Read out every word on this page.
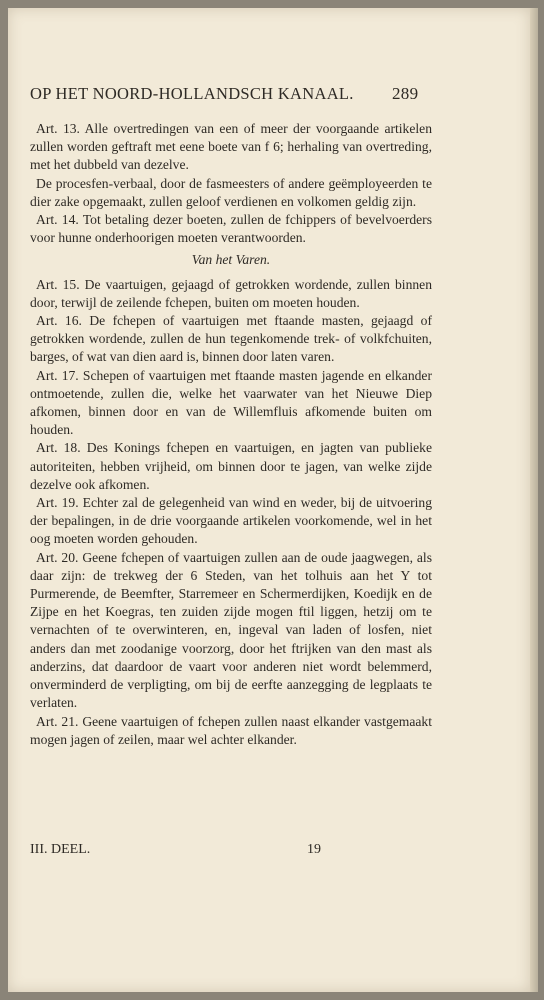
OP HET NOORD-HOLLANDSCH KANAAL. 289

Art. 13. Alle overtredingen van een of meer der voorgaande artikelen zullen worden geftraft met eene boete van f 6; herhaling van overtreding, met het dubbeld van dezelve.

De procesfen-verbaal, door de fasmeesters of andere geëmployeerden te dier zake opgemaakt, zullen geloof verdienen en volkomen geldig zijn.

Art. 14. Tot betaling dezer boeten, zullen de fchippers of bevelvoerders voor hunne onderhoorigen moeten verantwoorden.

Van het Varen.

Art. 15. De vaartuigen, gejaagd of getrokken wordende, zullen binnen door, terwijl de zeilende fchepen, buiten om moeten houden.

Art. 16. De fchepen of vaartuigen met ftaande masten, gejaagd of getrokken wordende, zullen de hun tegenkomende trek- of volkfchuiten, barges, of wat van dien aard is, binnen door laten varen.

Art. 17. Schepen of vaartuigen met ftaande masten jagende en elkander ontmoetende, zullen die, welke het vaarwater van het Nieuwe Diep afkomen, binnen door en van de Willemfluis afkomende buiten om houden.

Art. 18. Des Konings fchepen en vaartuigen, en jagten van publieke autoriteiten, hebben vrijheid, om binnen door te jagen, van welke zijde dezelve ook afkomen.

Art. 19. Echter zal de gelegenheid van wind en weder, bij de uitvoering der bepalingen, in de drie voorgaande artikelen voorkomende, wel in het oog moeten worden gehouden.

Art. 20. Geene fchepen of vaartuigen zullen aan de oude jaagwegen, als daar zijn: de trekweg der 6 Steden, van het tolhuis aan het Y tot Purmerende, de Beemfter, Starremeer en Schermerdijken, Koedijk en de Zijpe en het Koegras, ten zuiden zijde mogen ftil liggen, hetzij om te vernachten of te overwinteren, en, ingeval van laden of losfen, niet anders dan met zoodanige voorzorg, door het ftrijken van den mast als anderzins, dat daardoor de vaart voor anderen niet wordt belemmerd, onverminderd de verpligting, om bij de eerfte aanzegging de legplaats te verlaten.

Art. 21. Geene vaartuigen of fchepen zullen naast elkander vastgemaakt mogen jagen of zeilen, maar wel achter elkander.

III. DEEL.	19
